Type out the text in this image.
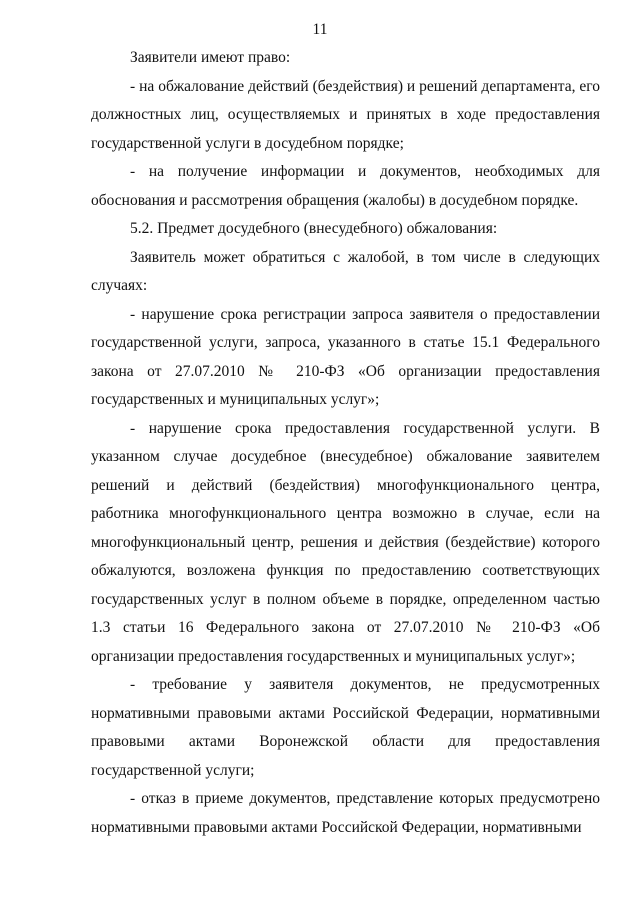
11

Заявители имеют право:

- на обжалование действий (бездействия) и решений департамента, его должностных лиц, осуществляемых и принятых в ходе предоставления государственной услуги в досудебном порядке;

- на получение информации и документов, необходимых для обоснования и рассмотрения обращения (жалобы) в досудебном порядке.

5.2. Предмет досудебного (внесудебного) обжалования:

Заявитель может обратиться с жалобой, в том числе в следующих случаях:

- нарушение срока регистрации запроса заявителя о предоставлении государственной услуги, запроса, указанного в статье 15.1 Федерального закона от 27.07.2010 № 210-ФЗ «Об организации предоставления государственных и муниципальных услуг»;

- нарушение срока предоставления государственной услуги. В указанном случае досудебное (внесудебное) обжалование заявителем решений и действий (бездействия) многофункционального центра, работника многофункционального центра возможно в случае, если на многофункциональный центр, решения и действия (бездействие) которого обжалуются, возложена функция по предоставлению соответствующих государственных услуг в полном объеме в порядке, определенном частью 1.3 статьи 16 Федерального закона от 27.07.2010 № 210-ФЗ «Об организации предоставления государственных и муниципальных услуг»;

- требование у заявителя документов, не предусмотренных нормативными правовыми актами Российской Федерации, нормативными правовыми актами Воронежской области для предоставления государственной услуги;

- отказ в приеме документов, представление которых предусмотрено нормативными правовыми актами Российской Федерации, нормативными
